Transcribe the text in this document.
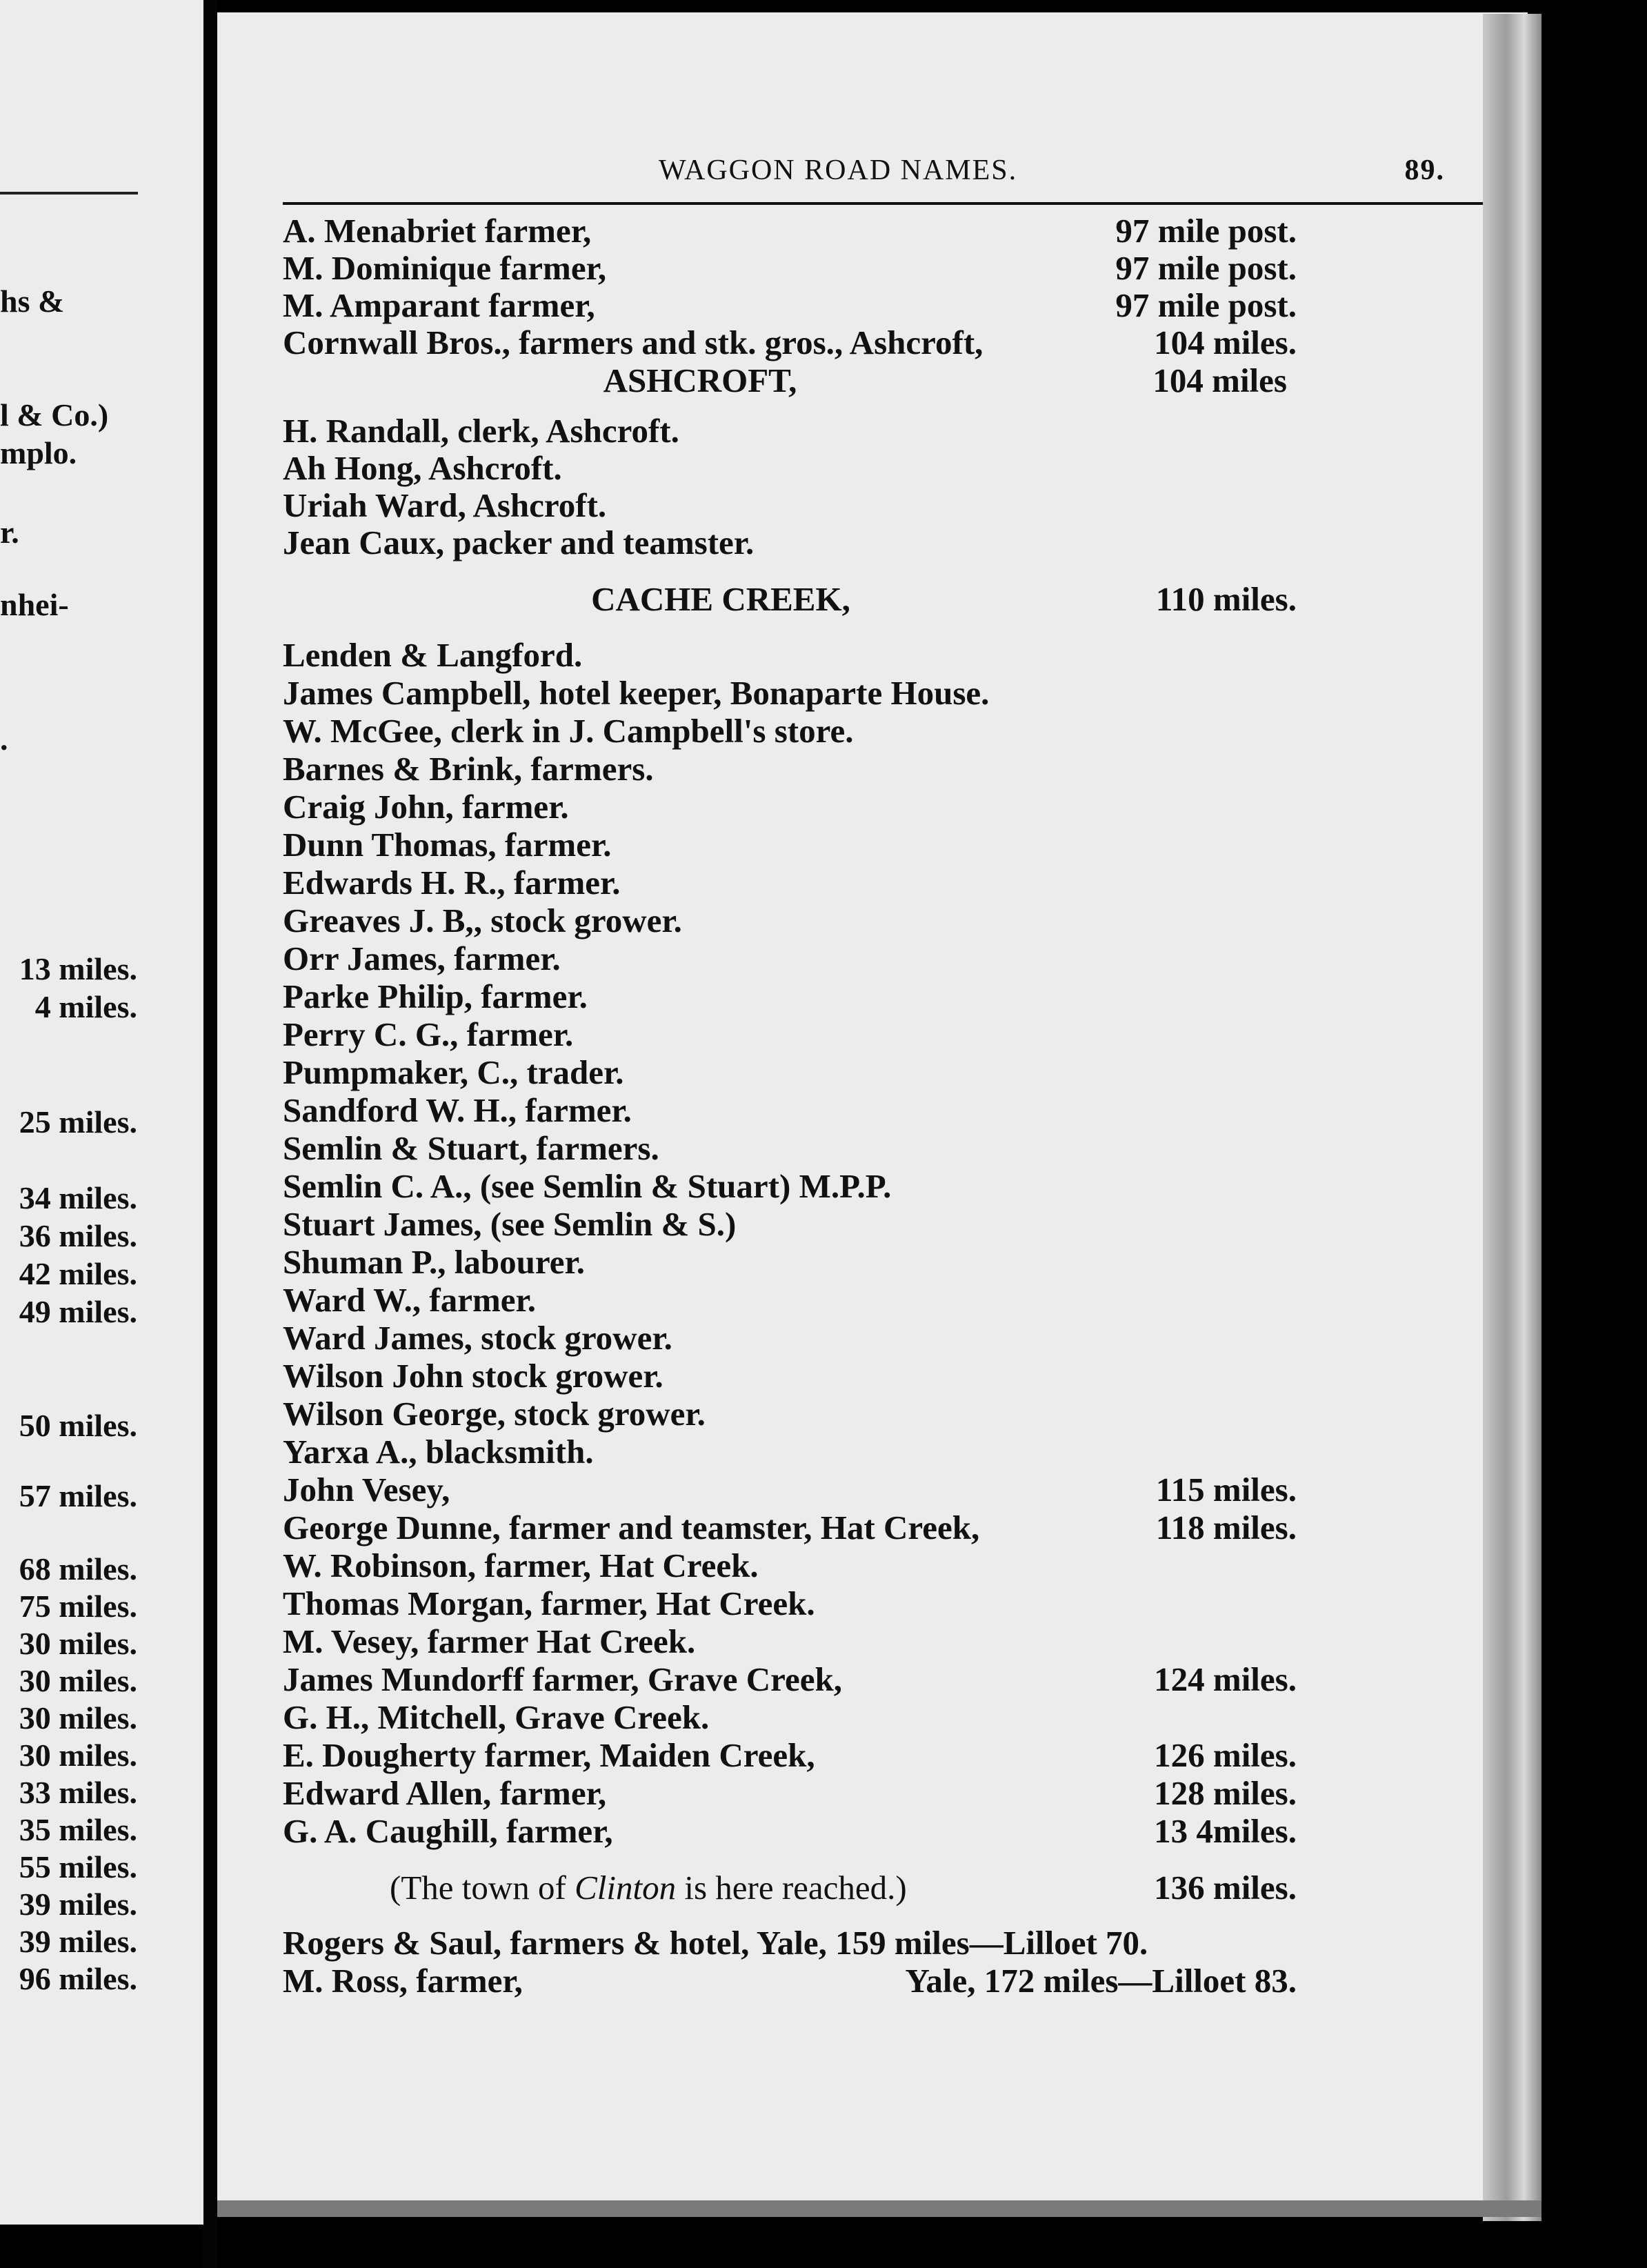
hs &
l & Co.)
mplo.
r.
nhei-
.
13 miles.
4 miles.
25 miles.
34 miles.
36 miles.
42 miles.
49 miles.
50 miles.
57 miles.
68 miles.
75 miles.
30 miles.
30 miles.
30 miles.
30 miles.
33 miles.
35 miles.
55 miles.
39 miles.
39 miles.
96 miles.
WAGGON ROAD NAMES.	89.
A. Menabriet farmer,	97 mile post.
M. Dominique farmer,	97 mile post.
M. Amparant farmer,	97 mile post.
Cornwall Bros., farmers and stk. gros., Ashcroft,	104 miles.
ASHCROFT,	104 miles
H. Randall, clerk, Ashcroft.
Ah Hong, Ashcroft.
Uriah Ward, Ashcroft.
Jean Caux, packer and teamster.
CACHE CREEK,	110 miles.
Lenden & Langford.
James Campbell, hotel keeper, Bonaparte House.
W. McGee, clerk in J. Campbell's store.
Barnes & Brink, farmers.
Craig John, farmer.
Dunn Thomas, farmer.
Edwards H. R., farmer.
Greaves J. B,, stock grower.
Orr James, farmer.
Parke Philip, farmer.
Perry C. G., farmer.
Pumpmaker, C., trader.
Sandford W. H., farmer.
Semlin & Stuart, farmers.
Semlin C. A., (see Semlin & Stuart) M.P.P.
Stuart James, (see Semlin & S.)
Shuman P., labourer.
Ward W., farmer.
Ward James, stock grower.
Wilson John stock grower.
Wilson George, stock grower.
Yarxa A., blacksmith.
John Vesey,	115 miles.
George Dunne, farmer and teamster, Hat Creek,	118 miles.
W. Robinson, farmer, Hat Creek.
Thomas Morgan, farmer, Hat Creek.
M. Vesey, farmer Hat Creek.
James Mundorff farmer, Grave Creek,	124 miles.
G. H., Mitchell, Grave Creek.
E. Dougherty farmer, Maiden Creek,	126 miles.
Edward Allen, farmer,	128 miles.
G. A. Caughill, farmer,	13 4miles.
(The town of Clinton is here reached.)	136 miles.
Rogers & Saul, farmers & hotel, Yale, 159 miles—Lilloet 70.
M. Ross, farmer,	Yale, 172 miles—Lilloet 83.
